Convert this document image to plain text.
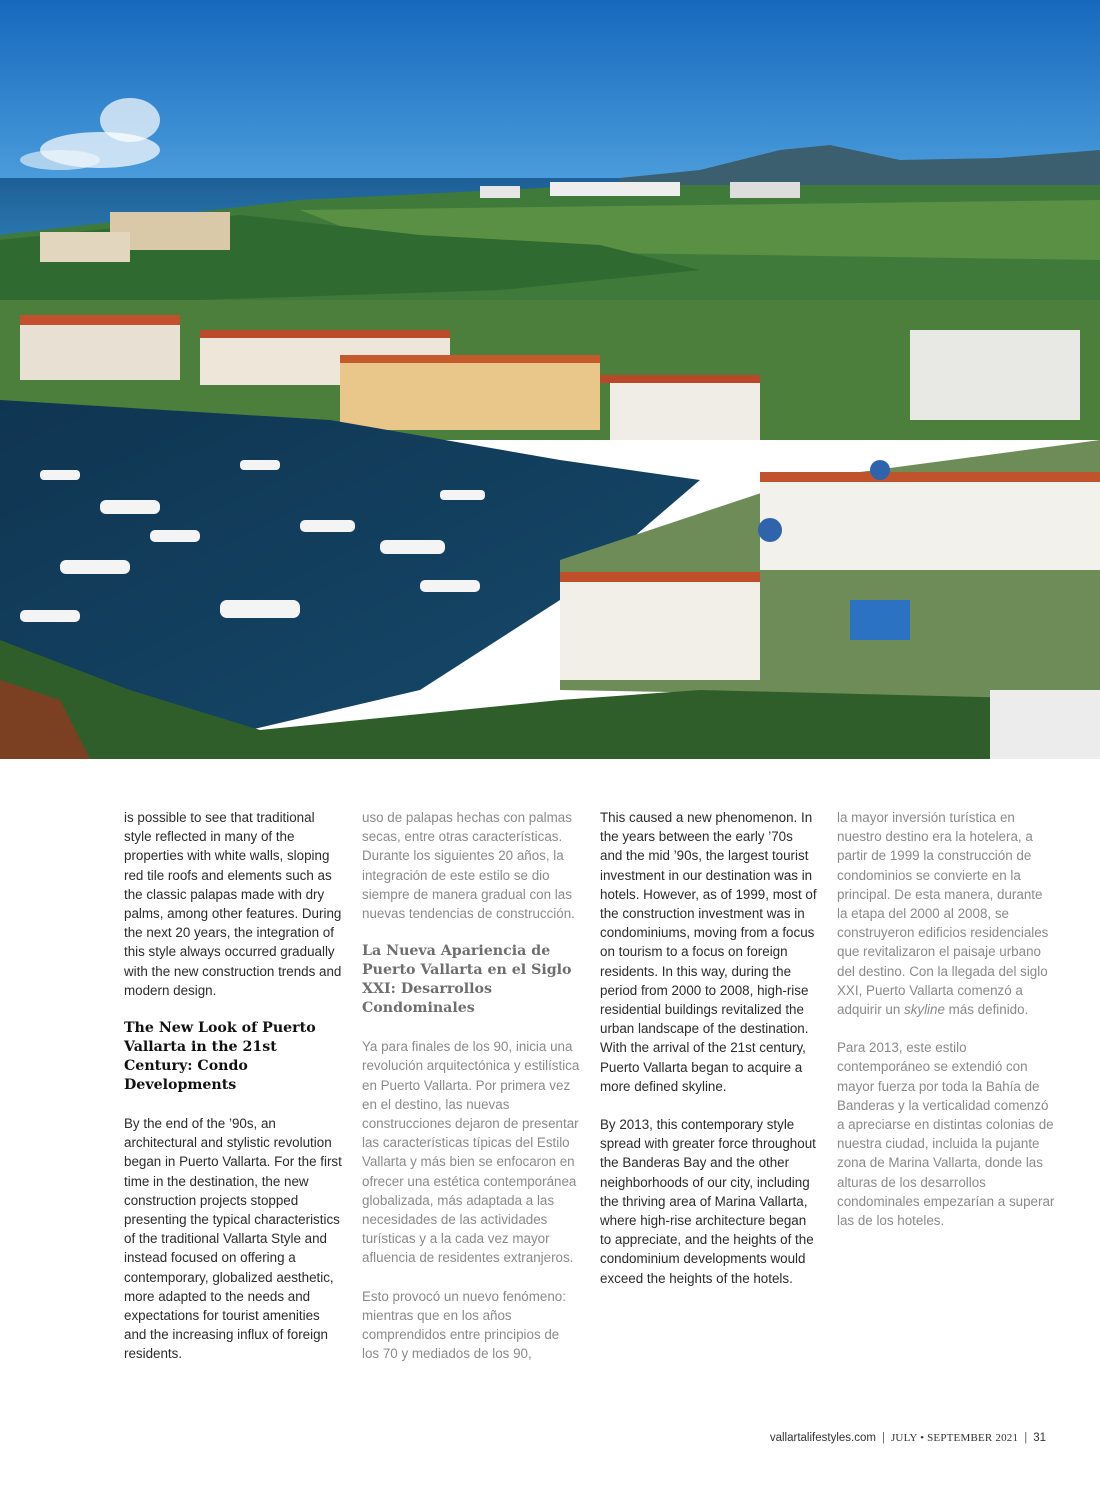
is possible to see that traditional style reflected in many of the properties with white walls, sloping red tile roofs and elements such as the classic palapas made with dry palms, among other features. During the next 20 years, the integration of this style always occurred gradually with the new construction trends and modern design.

The New Look of Puerto Vallarta in the 21st Century: Condo Developments

By the end of the ’90s, an architectural and stylistic revolution began in Puerto Vallarta. For the first time in the destination, the new construction projects stopped presenting the typical characteristics of the traditional Vallarta Style and instead focused on offering a contemporary, globalized aesthetic, more adapted to the needs and expectations for tourist amenities and the increasing influx of foreign residents.

uso de palapas hechas con palmas secas, entre otras características. Durante los siguientes 20 años, la integración de este estilo se dio siempre de manera gradual con las nuevas tendencias de construcción.

La Nueva Apariencia de Puerto Vallarta en el Siglo XXI: Desarrollos Condominales

Ya para finales de los 90, inicia una revolución arquitectónica y estilística en Puerto Vallarta. Por primera vez en el destino, las nuevas construcciones dejaron de presentar las características típicas del Estilo Vallarta y más bien se enfocaron en ofrecer una estética contemporánea globalizada, más adaptada a las necesidades de las actividades turísticas y a la cada vez mayor afluencia de residentes extranjeros.

Esto provocó un nuevo fenómeno: mientras que en los años comprendidos entre principios de los 70 y mediados de los 90,

This caused a new phenomenon. In the years between the early ’70s and the mid ’90s, the largest tourist investment in our destination was in hotels. However, as of 1999, most of the construction investment was in condominiums, moving from a focus on tourism to a focus on foreign residents. In this way, during the period from 2000 to 2008, high-rise residential buildings revitalized the urban landscape of the destination. With the arrival of the 21st century, Puerto Vallarta began to acquire a more defined skyline.

By 2013, this contemporary style spread with greater force throughout the Banderas Bay and the other neighborhoods of our city, including the thriving area of Marina Vallarta, where high-rise architecture began to appreciate, and the heights of the condominium developments would exceed the heights of the hotels.

la mayor inversión turística en nuestro destino era la hotelera, a partir de 1999 la construcción de condominios se convierte en la principal. De esta manera, durante la etapa del 2000 al 2008, se construyeron edificios residenciales que revitalizaron el paisaje urbano del destino. Con la llegada del siglo XXI, Puerto Vallarta comenzó a adquirir un skyline más definido.

Para 2013, este estilo contemporáneo se extendió con mayor fuerza por toda la Bahía de Banderas y la verticalidad comenzó a apreciarse en distintas colonias de nuestra ciudad, incluida la pujante zona de Marina Vallarta, donde las alturas de los desarrollos condominales empezarían a superar las de los hoteles.

vallartalifestyles.com | JULY • SEPTEMBER 2021 | 31
